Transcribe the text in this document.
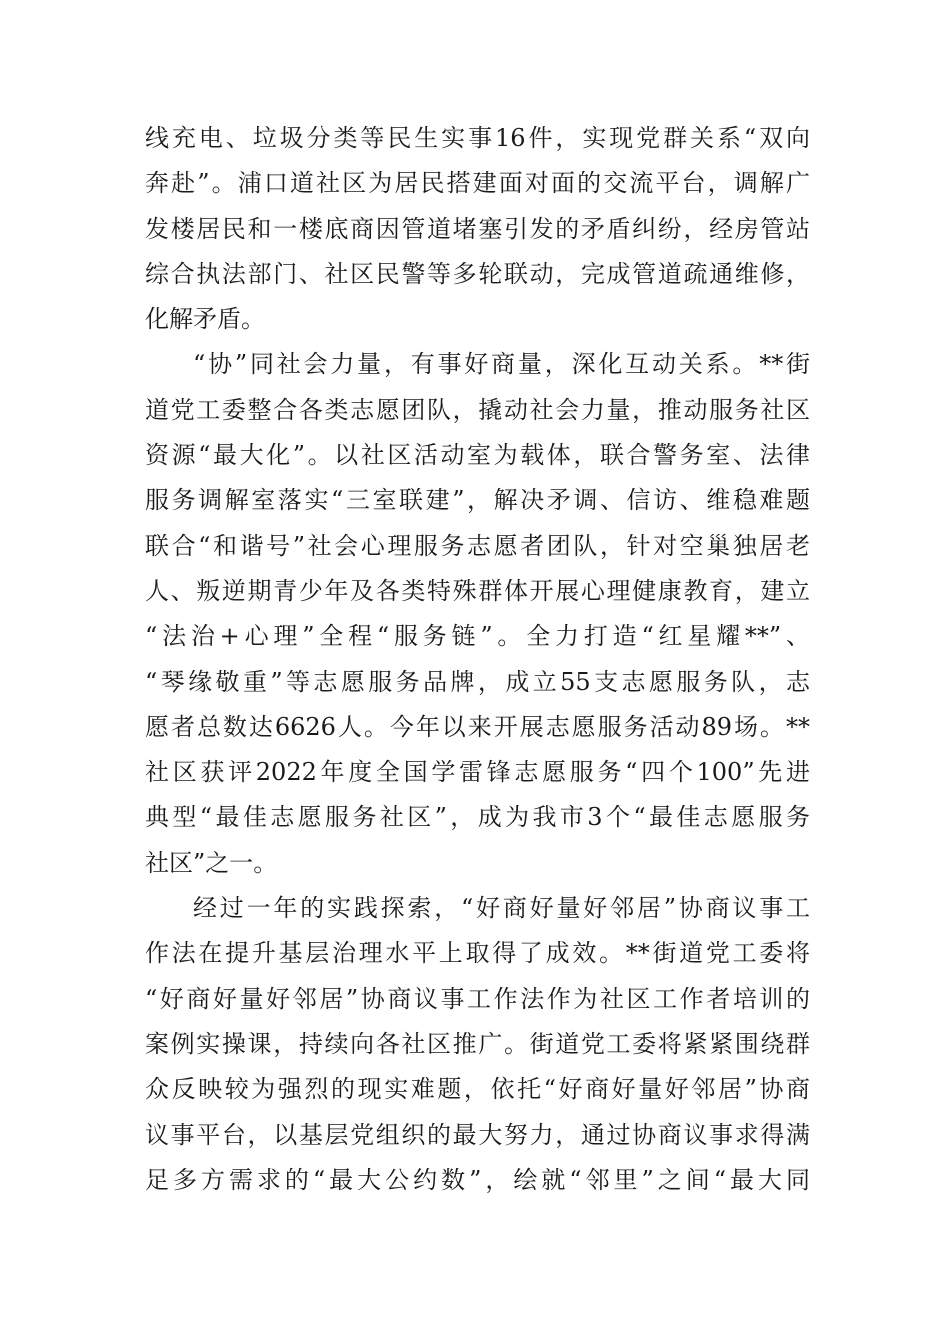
线充电、垃圾分类等民生实事16件，实现党群关系“双向
奔赴”。浦口道社区为居民搭建面对面的交流平台，调解广
发楼居民和一楼底商因管道堵塞引发的矛盾纠纷，经房管站
综合执法部门、社区民警等多轮联动，完成管道疏通维修，
化解矛盾。
“协”同社会力量，有事好商量，深化互动关系。**街
道党工委整合各类志愿团队，撬动社会力量，推动服务社区
资源“最大化”。以社区活动室为载体，联合警务室、法律
服务调解室落实“三室联建”，解决矛调、信访、维稳难题
联合“和谐号”社会心理服务志愿者团队，针对空巢独居老
人、叛逆期青少年及各类特殊群体开展心理健康教育，建立
“法治+心理”全程“服务链”。全力打造“红星耀**”、
“琴缘敬重”等志愿服务品牌，成立55支志愿服务队，志
愿者总数达6626人。今年以来开展志愿服务活动89场。**
社区获评2022年度全国学雷锋志愿服务“四个100”先进
典型“最佳志愿服务社区”，成为我市3个“最佳志愿服务
社区”之一。
经过一年的实践探索，“好商好量好邻居”协商议事工
作法在提升基层治理水平上取得了成效。**街道党工委将
“好商好量好邻居”协商议事工作法作为社区工作者培训的
案例实操课，持续向各社区推广。街道党工委将紧紧围绕群
众反映较为强烈的现实难题，依托“好商好量好邻居”协商
议事平台，以基层党组织的最大努力，通过协商议事求得满
足多方需求的“最大公约数”，绘就“邻里”之间“最大同
